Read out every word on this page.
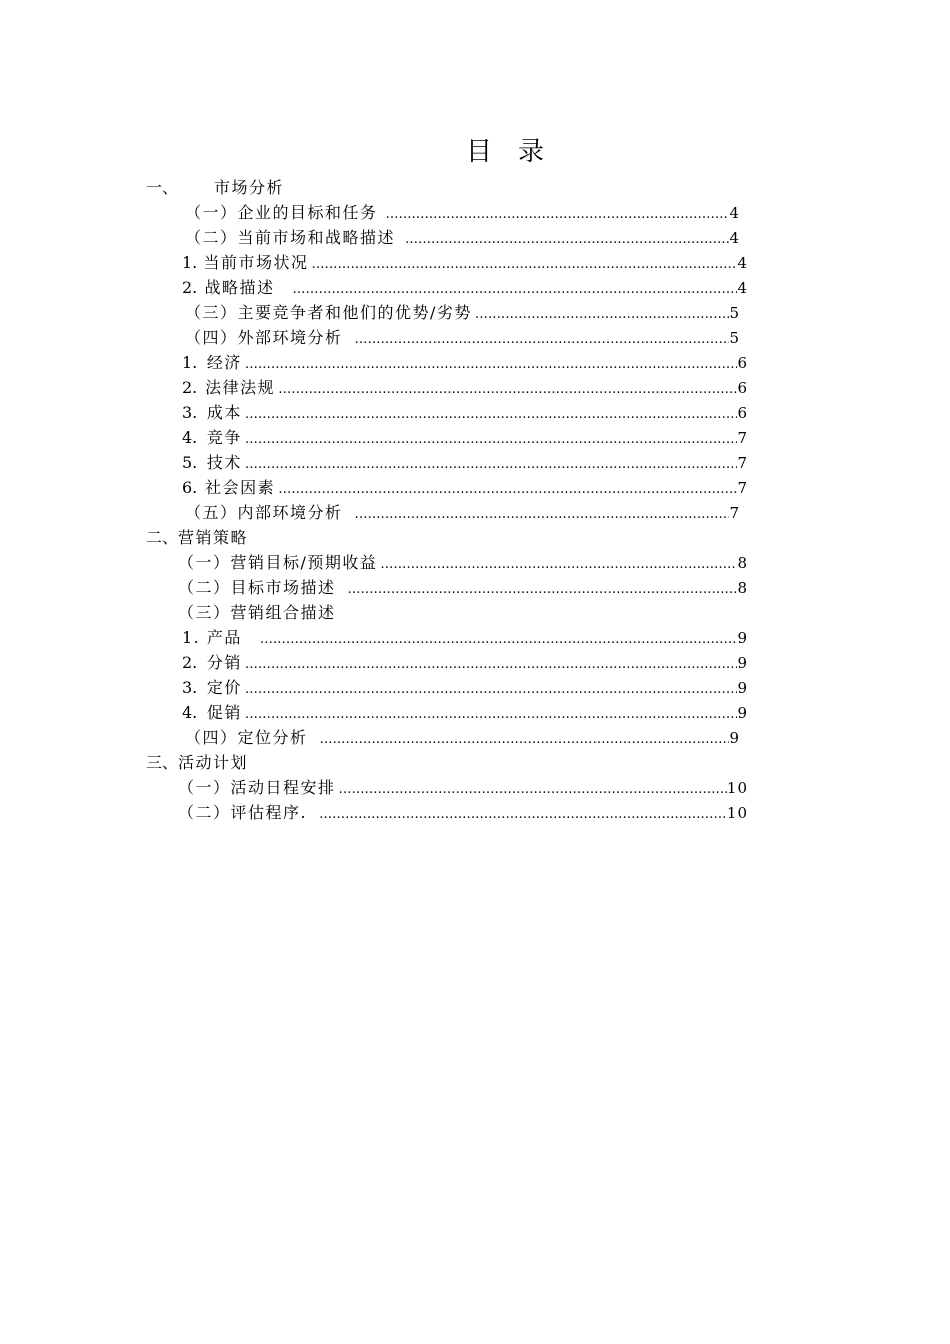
目 录
一、	市场分析
（一）企业的目标和任务 …………………………………………………………………………………………………………………………………………………………………	4
（二）当前市场和战略描述 …………………………………………………………………………………………………………………………………………………………………	4
1. 当前市场状况 …………………………………………………………………………………………………………………………………………………………………	4
2. 战略描述 …………………………………………………………………………………………………………………………………………………………………	4
（三）主要竞争者和他们的优势/劣势 …………………………………………………………………………………………………………………………………………………………………	5
（四）外部环境分析 …………………………………………………………………………………………………………………………………………………………………	5
1. 经济 …………………………………………………………………………………………………………………………………………………………………	6
2. 法律法规 …………………………………………………………………………………………………………………………………………………………………	6
3. 成本 …………………………………………………………………………………………………………………………………………………………………	6
4. 竞争 …………………………………………………………………………………………………………………………………………………………………	7
5. 技术 …………………………………………………………………………………………………………………………………………………………………	7
6. 社会因素 …………………………………………………………………………………………………………………………………………………………………	7
（五）内部环境分析 …………………………………………………………………………………………………………………………………………………………………	7
二、 营销策略
（一）营销目标/预期收益 …………………………………………………………………………………………………………………………………………………………………	8
（二）目标市场描述 …………………………………………………………………………………………………………………………………………………………………	8
（三）营销组合描述
1. 产品 …………………………………………………………………………………………………………………………………………………………………	9
2. 分销 …………………………………………………………………………………………………………………………………………………………………	9
3. 定价 …………………………………………………………………………………………………………………………………………………………………	9
4. 促销 …………………………………………………………………………………………………………………………………………………………………	9
（四）定位分析 …………………………………………………………………………………………………………………………………………………………………	9
三、 活动计划
（一）活动日程安排 …………………………………………………………………………………………………………………………………………………………………	10
（二）评估程序. …………………………………………………………………………………………………………………………………………………………………	10
